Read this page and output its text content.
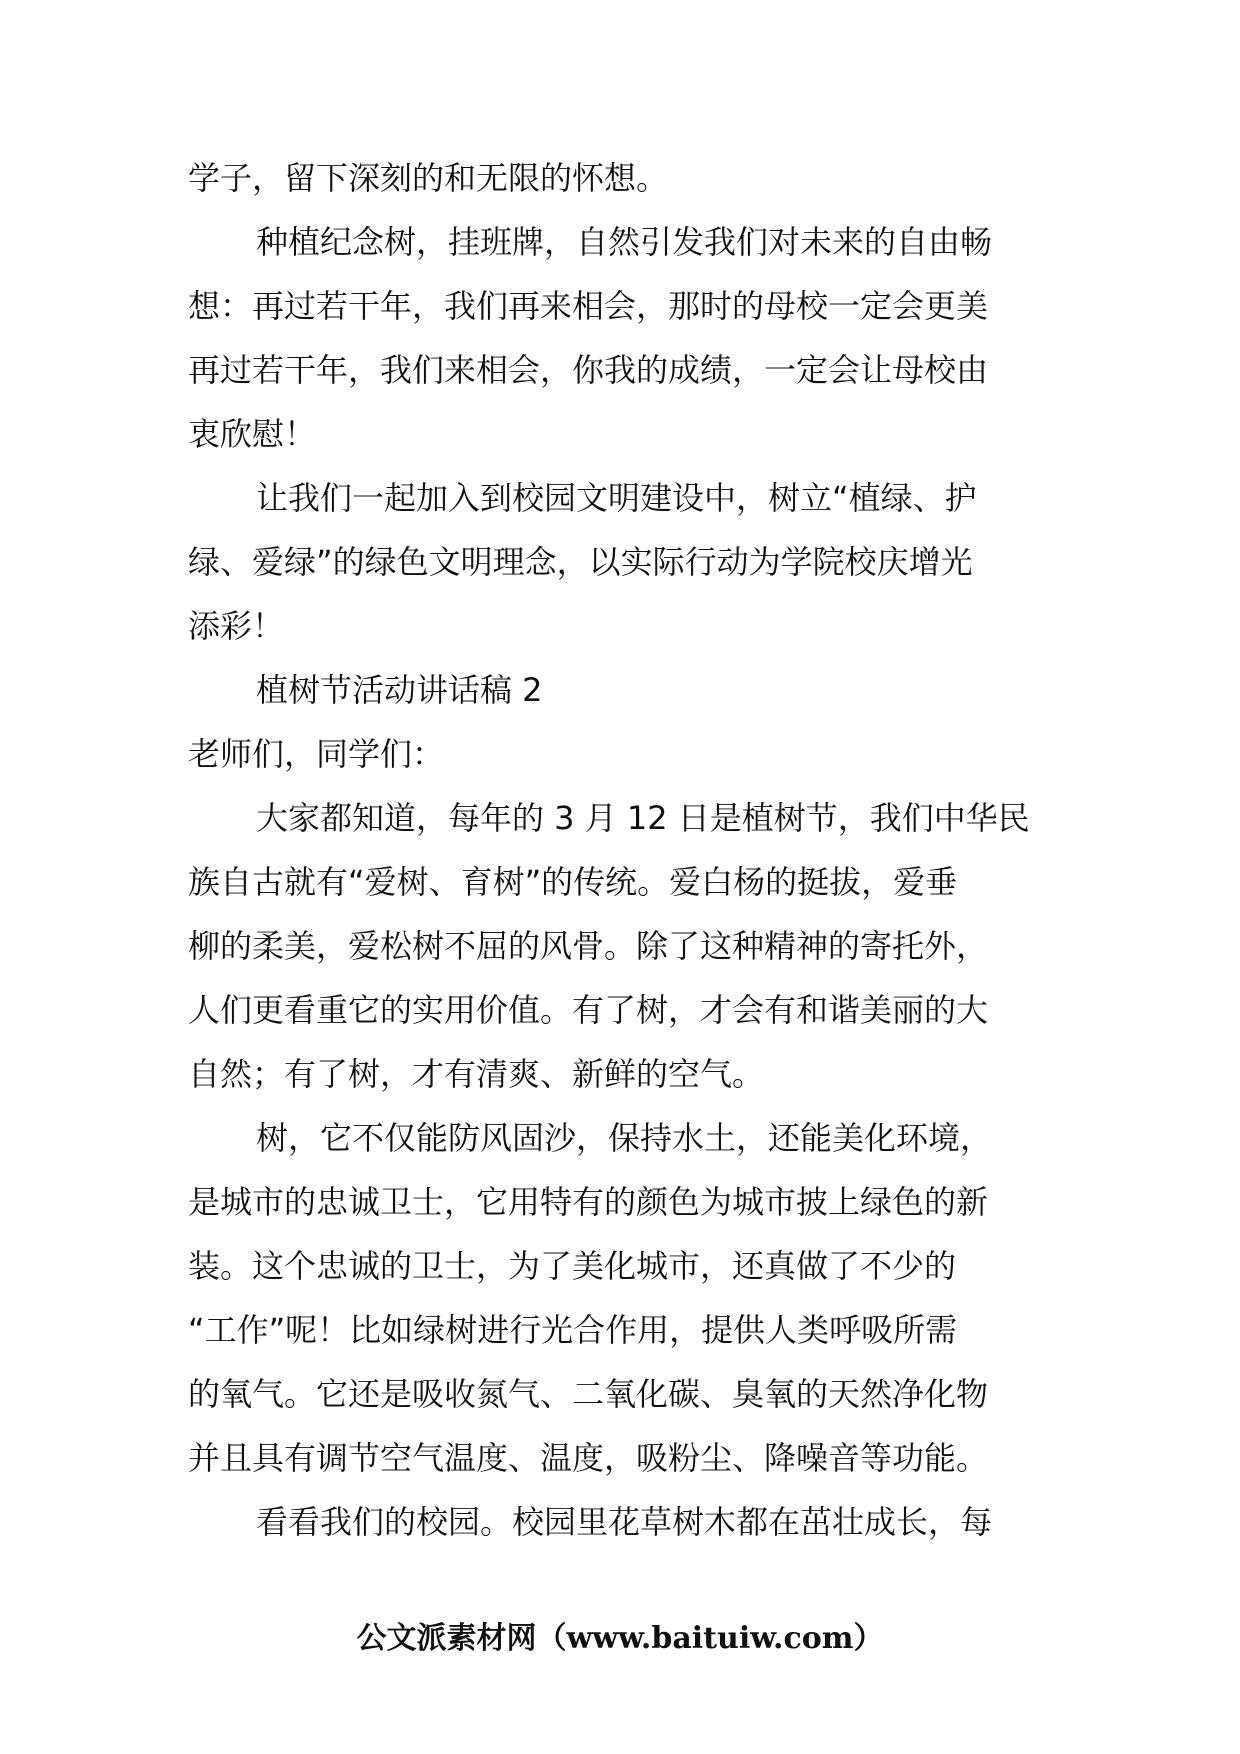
学子，留下深刻的和无限的怀想。
种植纪念树，挂班牌，自然引发我们对未来的自由畅
想：再过若干年，我们再来相会，那时的母校一定会更美
再过若干年，我们来相会，你我的成绩，一定会让母校由
衷欣慰！
让我们一起加入到校园文明建设中，树立“植绿、护
绿、爱绿”的绿色文明理念，以实际行动为学院校庆增光
添彩！
植树节活动讲话稿 2
老师们，同学们：
大家都知道，每年的 3 月 12 日是植树节，我们中华民
族自古就有“爱树、育树”的传统。爱白杨的挺拔，爱垂
柳的柔美，爱松树不屈的风骨。除了这种精神的寄托外，
人们更看重它的实用价值。有了树，才会有和谐美丽的大
自然；有了树，才有清爽、新鲜的空气。
树，它不仅能防风固沙，保持水土，还能美化环境，
是城市的忠诚卫士，它用特有的颜色为城市披上绿色的新
装。这个忠诚的卫士，为了美化城市，还真做了不少的
“工作”呢！比如绿树进行光合作用，提供人类呼吸所需
的氧气。它还是吸收氮气、二氧化碳、臭氧的天然净化物
并且具有调节空气温度、温度，吸粉尘、降噪音等功能。
看看我们的校园。校园里花草树木都在茁壮成长，每
公文派素材网（www.baituiw.com）
